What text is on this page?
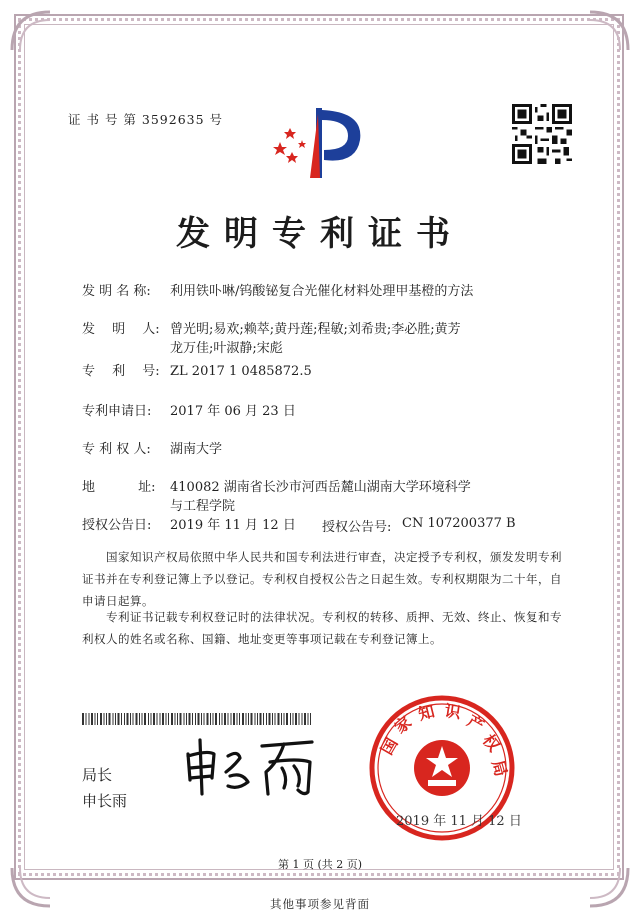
证 书 号 第 3592635 号
发明专利证书
发 明 名 称: 利用铁卟啉/钨酸铋复合光催化材料处理甲基橙的方法
发　 明　 人: 曾光明;易欢;赖萃;黄丹莲;程敏;刘希贵;李必胜;黄芳龙万佳;叶淑静;宋彪
专　 利　 号: ZL 2017 1 0485872.5
专利申请日: 2017 年 06 月 23 日
专 利 权 人: 湖南大学
地　　　 址: 410082 湖南省长沙市河西岳麓山湖南大学环境科学与工程学院
授权公告日: 2019 年 11 月 12 日	授权公告号: CN 107200377 B
国家知识产权局依照中华人民共和国专利法进行审查，决定授予专利权，颁发发明专利证书并在专利登记簿上予以登记。专利权自授权公告之日起生效。专利权期限为二十年，自申请日起算。
专利证书记载专利权登记时的法律状况。专利权的转移、质押、无效、终止、恢复和专利权人的姓名或名称、国籍、地址变更等事项记载在专利登记簿上。
局长
申长雨
国
家 知 识 产
权
局
2019 年 11 月 12 日
第 1 页 (共 2 页)
其他事项参见背面
